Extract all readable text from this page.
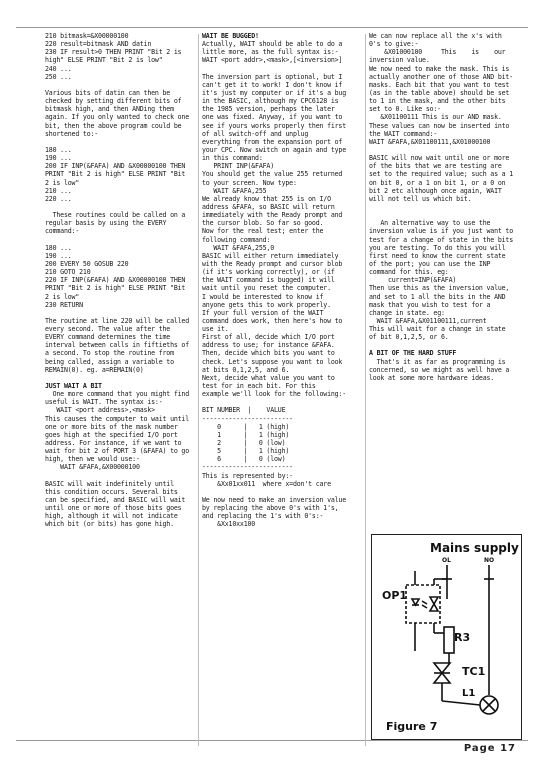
210 bitmask=&X00000100
220 result=bitmask AND datin
230 IF result>0 THEN PRINT "Bit 2 is
high" ELSE PRINT "Bit 2 is low"
240 ...
250 ...
Various bits of datin can then be
checked by setting different bits of
bitmask high, and then ANDing them
again. If you only wanted to check one
bit, then the above program could be
shortened to:-
180 ...
190 ...
200 IF INP(&FAFA) AND &X00000100 THEN
PRINT "Bit 2 is high" ELSE PRINT "Bit
2 is low"
210 ...
220 ...
These routines could be called on a
regular basis by using the EVERY
command:-
180 ...
190 ...
200 EVERY 50 GOSUB 220
210 GOTO 210
220 IF INP(&FAFA) AND &X00000100 THEN
PRINT "Bit 2 is high" ELSE PRINT "Bit
2 is low"
230 RETURN
The routine at line 220 will be called
every second. The value after the
EVERY command determines the time
interval between calls in fiftieths of
a second. To stop the routine from
being called, assign a variable to
REMAIN(0). eg. a=REMAIN(0)
JUST WAIT A BIT
One more command that you might find
useful is WAIT. The syntax is:-
WAIT <port address>,<mask>
This causes the computer to wait until
one or more bits of the mask number
goes high at the specified I/O port
address. For instance, if we want to
wait for bit 2 of PORT 3 (&FAFA) to go
high, then we would use:-
WAIT &FAFA,&X00000100
BASIC will wait indefinitely until
this condition occurs. Several bits
can be specified, and BASIC will wait
until one or more of those bits goes
high, although it will not indicate
which bit (or bits) has gone high.
WAIT BE BUGGED!
Actually, WAIT should be able to do a
little more, as the full syntax is:-
WAIT <port addr>,<mask>,[<inversion>]
The inversion part is optional, but I
can't get it to work! I don't know if
it's just my computer or if it's a bug
in the BASIC, although my CPC6128 is
the 1985 version, perhaps the later
one was fixed. Anyway, if you want to
see if yours works properly then first
of all switch-off and unplug
everything from the expansion port of
your CPC. Now switch on again and type
in this command:
PRINT INP(&FAFA)
You should get the value 255 returned
to your screen. Now type:
WAIT &FAFA,255
We already know that 255 is on I/O
address &FAFA, so BASIC will return
immediately with the Ready prompt and
the cursor blob. So far so good.
Now for the real test; enter the
following command:
WAIT &FAFA,255,0
BASIC will either return immediately
with the Ready prompt and cursor blob
(if it's working correctly), or (if
the WAIT command is bugged) it will
wait until you reset the computer.
I would be interested to know if
anyone gets this to work properly.
If your full version of the WAIT
command does work, then here's how to
use it.
First of all, decide which I/O port
address to use; for instance &FAFA.
Then, decide which bits you want to
check. Let's suppose you want to look
at bits 0,1,2,5, and 6.
Next, decide what value you want to
test for in each bit. For this
example we'll look for the following:-
BIT NUMBER  |    VALUE
------------------------
0      |   1 (high)
1      |   1 (high)
2      |   0 (low)
5      |   1 (high)
6      |   0 (low)
------------------------
This is represented by:-
&Xx01xx011  where x=don't care
We now need to make an inversion value
by replacing the above 0's with 1's,
and replacing the 1's with 0's:-
&Xx10xx100
We can now replace all the x's with
0's to give:-
&X01000100     This    is    our
inversion value.
We now need to make the mask. This is
actually another one of those AND bit-
masks. Each bit that you want to test
(as in the table above) should be set
to 1 in the mask, and the other bits
set to 0. Like so:-
&X01100111 This is our AND mask.
These values can now be inserted into
the WAIT command:-
WAIT &FAFA,&X01100111,&X01000100
BASIC will now wait until one or more
of the bits that we are testing are
set to the required value; such as a 1
on bit 0, or a 1 on bit 1, or a 0 on
bit 2 etc although once again, WAIT
will not tell us which bit.
An alternative way to use the
inversion value is if you just want to
test for a change of state in the bits
you are testing. To do this you will
first need to know the current state
of the port; you can use the INP
command for this. eg:
current=INP(&FAFA)
Then use this as the inversion value,
and set to 1 all the bits in the AND
mask that you wish to test for a
change in state. eg:
WAIT &FAFA,&X01100111,current
This will wait for a change in state
of bit 0,1,2,5, or 6.
A BIT OF THE HARD STUFF
That's it as far as programming is
concerned, so we might as well have a
look at some more hardware ideas.
Mains supply
OL	NO
OP1
R3
TC1
L1
Figure 7
Page 17
